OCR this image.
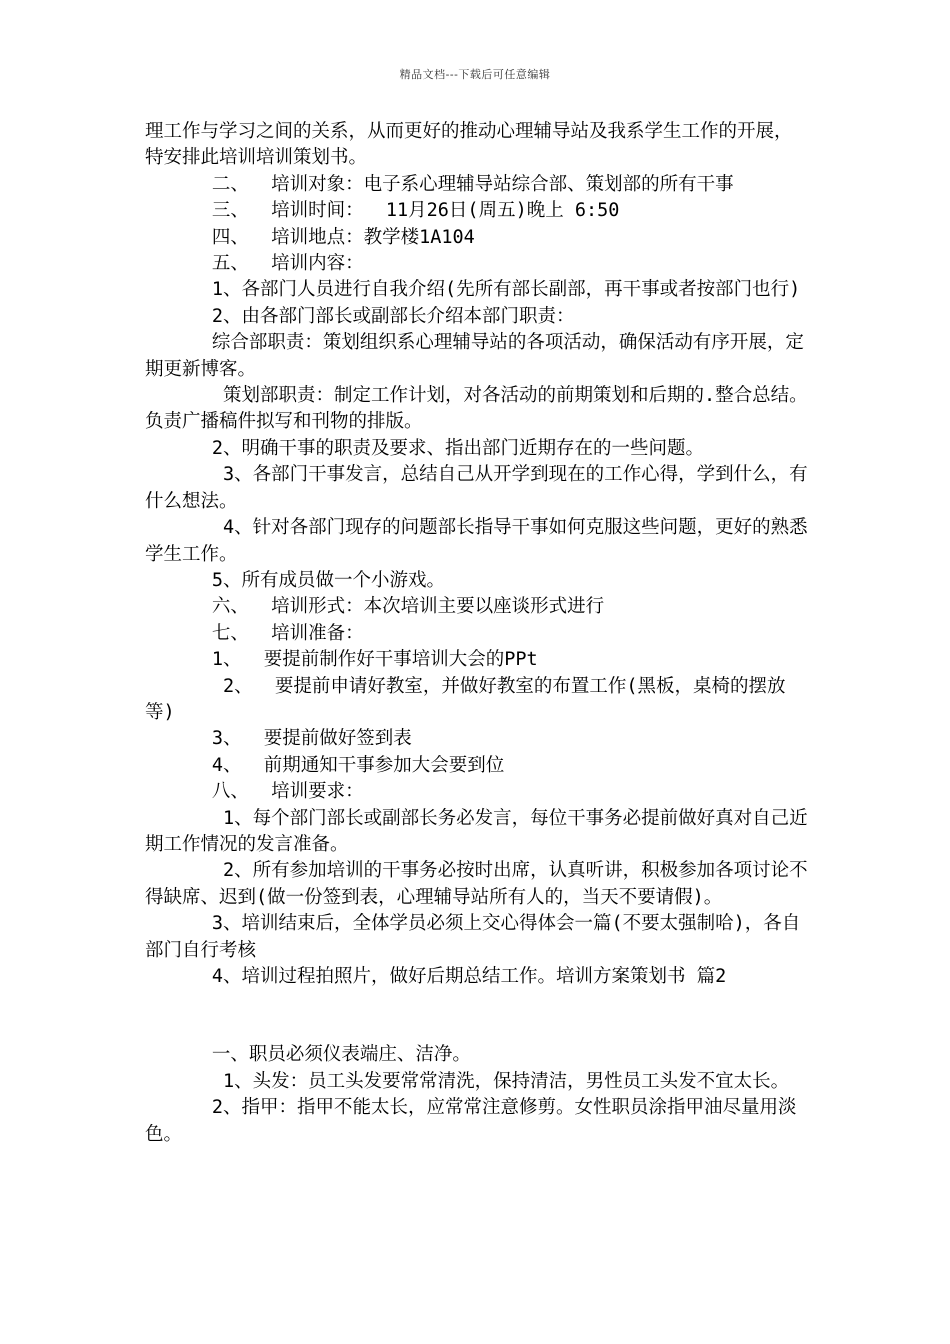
精品文档---下载后可任意编辑

理工作与学习之间的关系，从而更好的推动心理辅导站及我系学生工作的开展，特安排此培训培训策划书。

二、  培训对象：电子系心理辅导站综合部、策划部的所有干事

三、  培训时间：  11月26日(周五)晚上 6:50

四、  培训地点：教学楼1A104

五、  培训内容：

1、各部门人员进行自我介绍(先所有部长副部，再干事或者按部门也行)

2、由各部门部长或副部长介绍本部门职责：

综合部职责：策划组织系心理辅导站的各项活动，确保活动有序开展，定期更新博客。

策划部职责：制定工作计划，对各活动的前期策划和后期的.整合总结。负责广播稿件拟写和刊物的排版。

2、明确干事的职责及要求、指出部门近期存在的一些问题。

3、各部门干事发言，总结自己从开学到现在的工作心得，学到什么，有什么想法。

4、针对各部门现存的问题部长指导干事如何克服这些问题，更好的熟悉学生工作。

5、所有成员做一个小游戏。

六、  培训形式：本次培训主要以座谈形式进行

七、  培训准备：

1、  要提前制作好干事培训大会的PPt

2、  要提前申请好教室，并做好教室的布置工作(黑板，桌椅的摆放等)

3、  要提前做好签到表

4、  前期通知干事参加大会要到位

八、  培训要求：

1、每个部门部长或副部长务必发言，每位干事务必提前做好真对自己近期工作情况的发言准备。

2、所有参加培训的干事务必按时出席，认真听讲，积极参加各项讨论不得缺席、迟到(做一份签到表，心理辅导站所有人的，当天不要请假)。

3、培训结束后，全体学员必须上交心得体会一篇(不要太强制哈)，各自部门自行考核

4、培训过程拍照片，做好后期总结工作。培训方案策划书 篇2

一、职员必须仪表端庄、洁净。

1、头发：员工头发要常常清洗，保持清洁，男性员工头发不宜太长。

2、指甲：指甲不能太长，应常常注意修剪。女性职员涂指甲油尽量用淡色。
